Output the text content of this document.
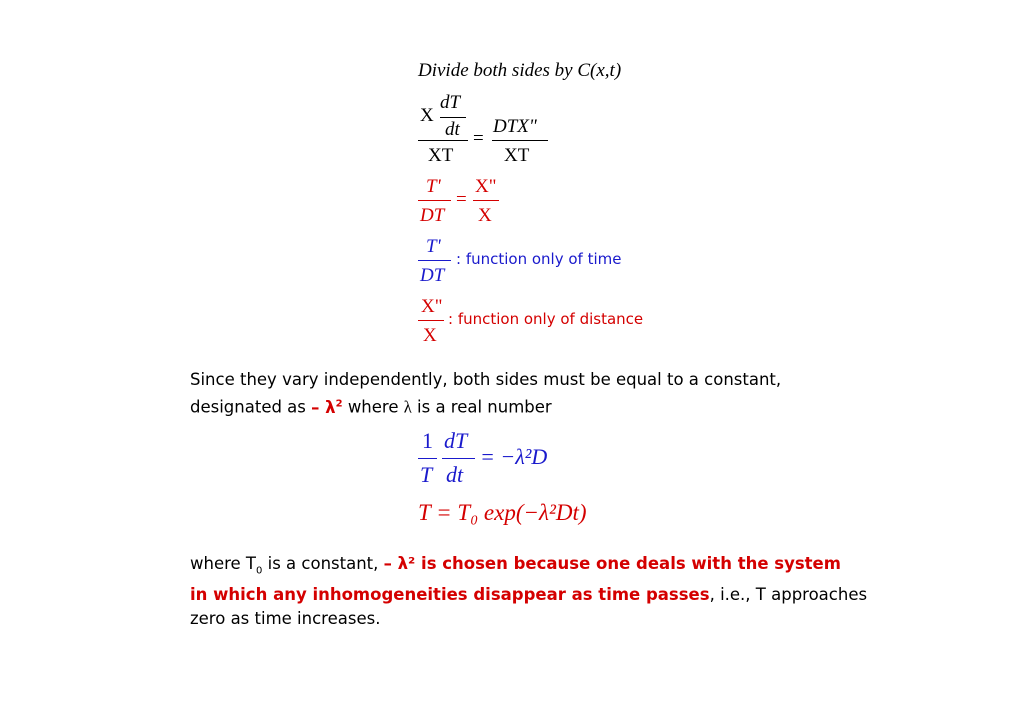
Divide both sides by C(x,t)
X
dT
dt
XT
=
DTX"
XT
T'
DT
=
X"
X
T'
DT
: function only of time
X"
X
: function only of distance
Since they vary independently, both sides must be equal to a constant,
designated as – $\lambda^2$ where λ is a real number
1
T
dT
dt
= −λ²D
T = T₀ exp(−λ²Dt)
where $T_0$ is a constant, – λ² is chosen because one deals with the system
in which any inhomogeneities disappear as time passes, i.e., T approaches
zero as time increases.
